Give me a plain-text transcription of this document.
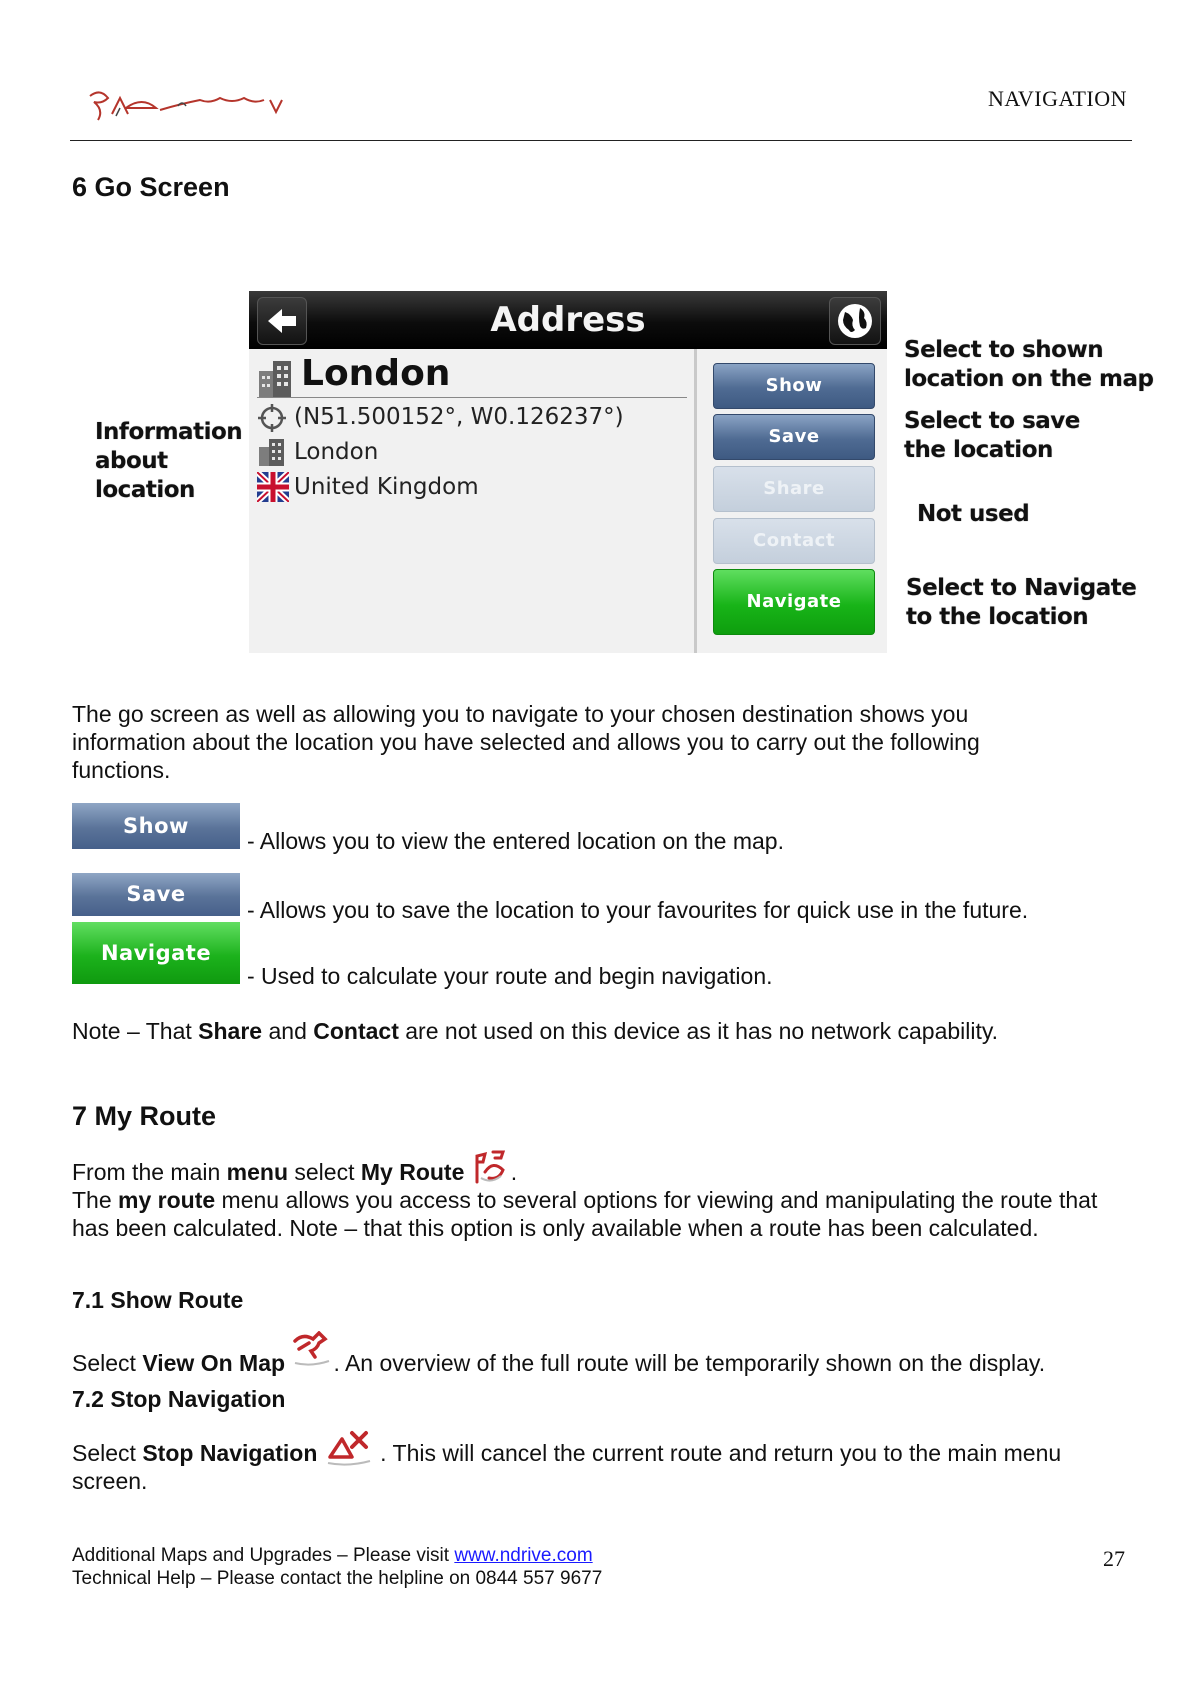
NAVIGATION
6 Go Screen
Address
London
(N51.500152°, W0.126237°)
London
United Kingdom
Show
Save
Share
Contact
Navigate
Information
about
location
Select to shown
location on the map
Select to save
the location
Not used
Select to Navigate
to the location
The go screen as well as allowing you to navigate to your chosen destination shows you information about the location you have selected and allows you to carry out the following functions.
Show
- Allows you to view the entered location on the map.
Save
- Allows you to save the location to your favourites for quick use in the future.
Navigate
- Used to calculate your route and begin navigation.
Note – That Share and Contact are not used on this device as it has no network capability.
7 My Route
From the main menu select My Route .
The my route menu allows you access to several options for viewing and manipulating the route that has been calculated. Note – that this option is only available when a route has been calculated.
7.1 Show Route
Select View On Map . An overview of the full route will be temporarily shown on the display.
7.2 Stop Navigation
Select Stop Navigation  . This will cancel the current route and return you to the main menu screen.
Additional Maps and Upgrades – Please visit www.ndrive.com
Technical Help – Please contact the helpline on 0844 557 9677
27
